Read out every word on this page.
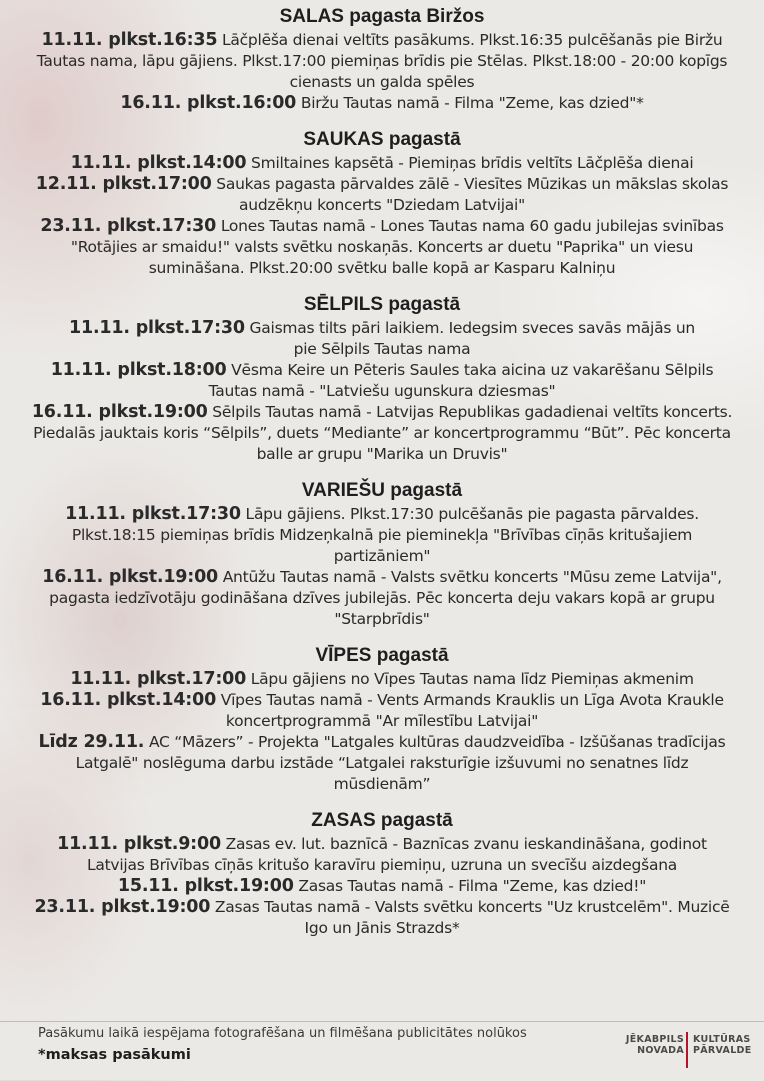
SALAS pagasta Biržos
11.11. plkst.16:35 Lāčplēša dienai veltīts pasākums. Plkst.16:35 pulcēšanās pie Biržu Tautas nama, lāpu gājiens. Plkst.17:00 piemiņas brīdis pie Stēlas. Plkst.18:00 - 20:00 kopīgs cienasts un galda spēles
16.11. plkst.16:00 Biržu Tautas namā - Filma "Zeme, kas dzied"*
SAUKAS pagastā
11.11. plkst.14:00 Smiltaines kapsētā - Piemiņas brīdis veltīts Lāčplēša dienai
12.11. plkst.17:00 Saukas pagasta pārvaldes zālē - Viesītes Mūzikas un mākslas skolas audzēkņu koncerts "Dziedam Latvijai"
23.11. plkst.17:30 Lones Tautas namā - Lones Tautas nama 60 gadu jubilejas svinības "Rotājies ar smaidu!" valsts svētku noskaņās. Koncerts ar duetu "Paprika" un viesu sumināšana. Plkst.20:00 svētku balle kopā ar Kasparu Kalniņu
SĒLPILS pagastā
11.11. plkst.17:30 Gaismas tilts pāri laikiem. Iedegsim sveces savās mājās un pie Sēlpils Tautas nama
11.11. plkst.18:00 Vēsma Keire un Pēteris Saules taka aicina uz vakarēšanu Sēlpils Tautas namā - "Latviešu ugunskura dziesmas"
16.11. plkst.19:00 Sēlpils Tautas namā - Latvijas Republikas gadadienai veltīts koncerts. Piedalās jauktais koris “Sēlpils”, duets “Mediante” ar koncertprogrammu “Būt”. Pēc koncerta balle ar grupu "Marika un Druvis"
VARIEŠU pagastā
11.11. plkst.17:30 Lāpu gājiens. Plkst.17:30 pulcēšanās pie pagasta pārvaldes. Plkst.18:15 piemiņas brīdis Midzeņkalnā pie pieminekļa "Brīvības cīņās kritušajiem partizāniem"
16.11. plkst.19:00 Antūžu Tautas namā - Valsts svētku koncerts "Mūsu zeme Latvija", pagasta iedzīvotāju godināšana dzīves jubilejās. Pēc koncerta deju vakars kopā ar grupu "Starpbrīdis"
VĪPES pagastā
11.11. plkst.17:00 Lāpu gājiens no Vīpes Tautas nama līdz Piemiņas akmenim
16.11. plkst.14:00 Vīpes Tautas namā - Vents Armands Krauklis un Līga Avota Kraukle koncertprogrammā "Ar mīlestību Latvijai"
Līdz 29.11. AC “Māzers” - Projekta "Latgales kultūras daudzveidība - Izšūšanas tradīcijas Latgalē" noslēguma darbu izstāde “Latgalei raksturīgie izšuvumi no senatnes līdz mūsdienām”
ZASAS pagastā
11.11. plkst.9:00 Zasas ev. lut. baznīcā - Baznīcas zvanu ieskandināšana, godinot Latvijas Brīvības cīņās kritušo karavīru piemiņu, uzruna un svecīšu aizdegšana
15.11. plkst.19:00 Zasas Tautas namā - Filma "Zeme, kas dzied!"
23.11. plkst.19:00 Zasas Tautas namā - Valsts svētku koncerts "Uz krustcelēm". Muzicē Igo un Jānis Strazds*
Pasākumu laikā iespējama fotografēšana un filmēšana publicitātes nolūkos
*maksas pasākumi
JĒKABPILS
NOVADA
KULTŪRAS
PĀRVALDE
